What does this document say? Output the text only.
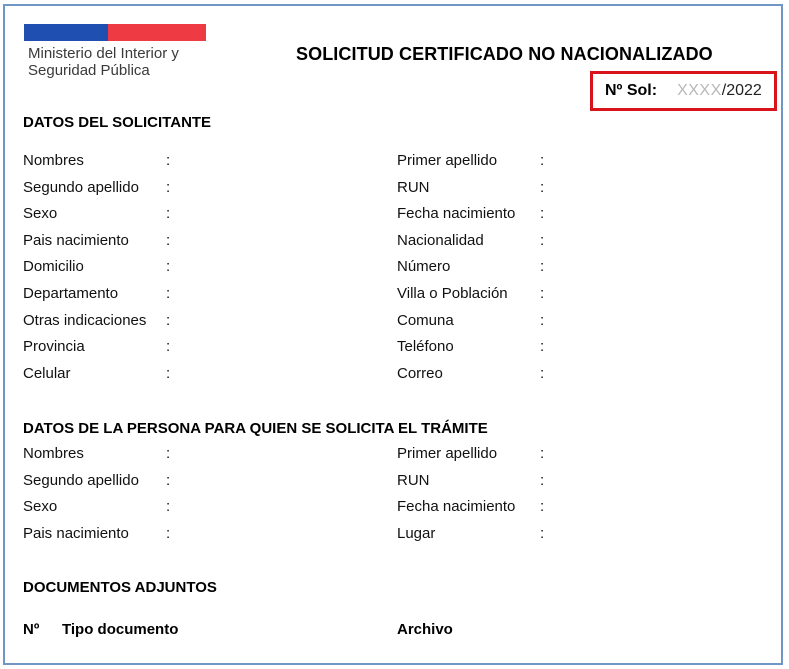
Ministerio del Interior y
Seguridad Pública
SOLICITUD CERTIFICADO NO NACIONALIZADO
Nº Sol: XXXX / 2022
DATOS DEL SOLICITANTE
Nombres	:	Primer apellido	:
Segundo apellido :	RUN	:
Sexo	:	Fecha nacimiento :
Pais nacimiento :	Nacionalidad	:
Domicilio	:	Número	:
Departamento	:	Villa o Población :
Otras indicaciones :	Comuna	:
Provincia	:	Teléfono	:
Celular	:	Correo	:
DATOS DE LA PERSONA PARA QUIEN SE SOLICITA EL TRÁMITE
Nombres	:	Primer apellido	:
Segundo apellido :	RUN	:
Sexo	:	Fecha nacimiento :
Pais nacimiento :	Lugar	:
DOCUMENTOS ADJUNTOS
Nº Tipo documento	Archivo
